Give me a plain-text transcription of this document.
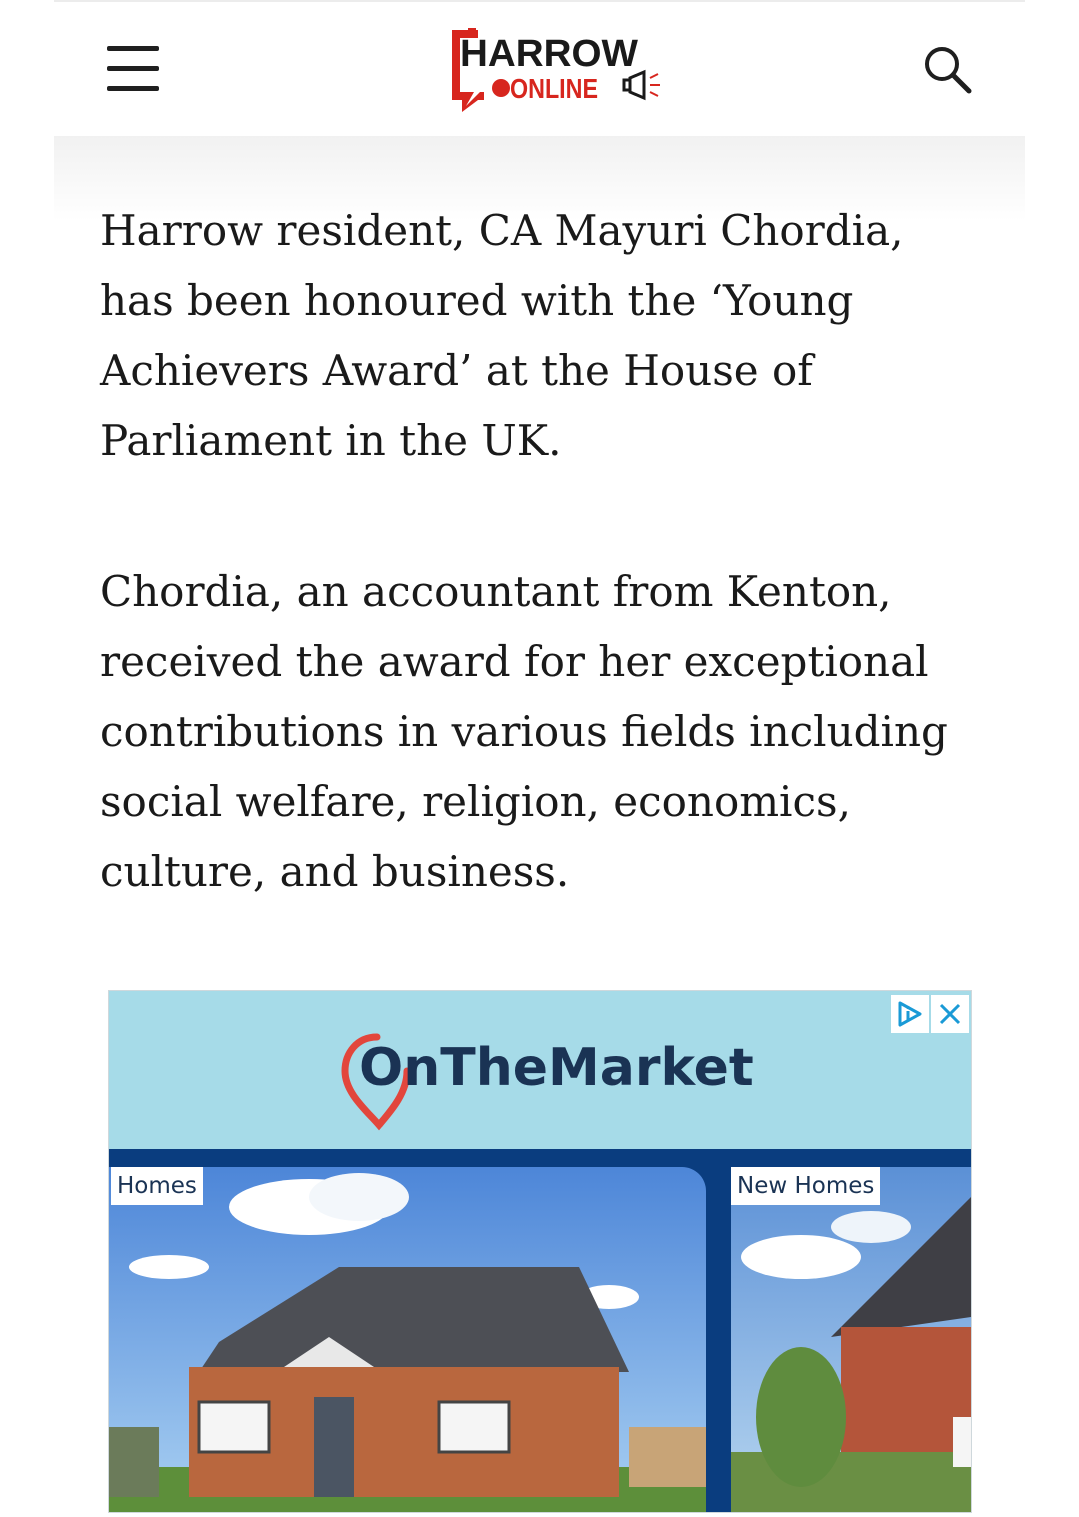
HARROW
ONLINE

Harrow resident, CA Mayuri Chordia, has been honoured with the ‘Young Achievers Award’ at the House of Parliament in the UK.

Chordia, an accountant from Kenton, received the award for her exceptional contributions in various fields including social welfare, religion, economics, culture, and business.

OnTheMarket
Homes	New Homes
